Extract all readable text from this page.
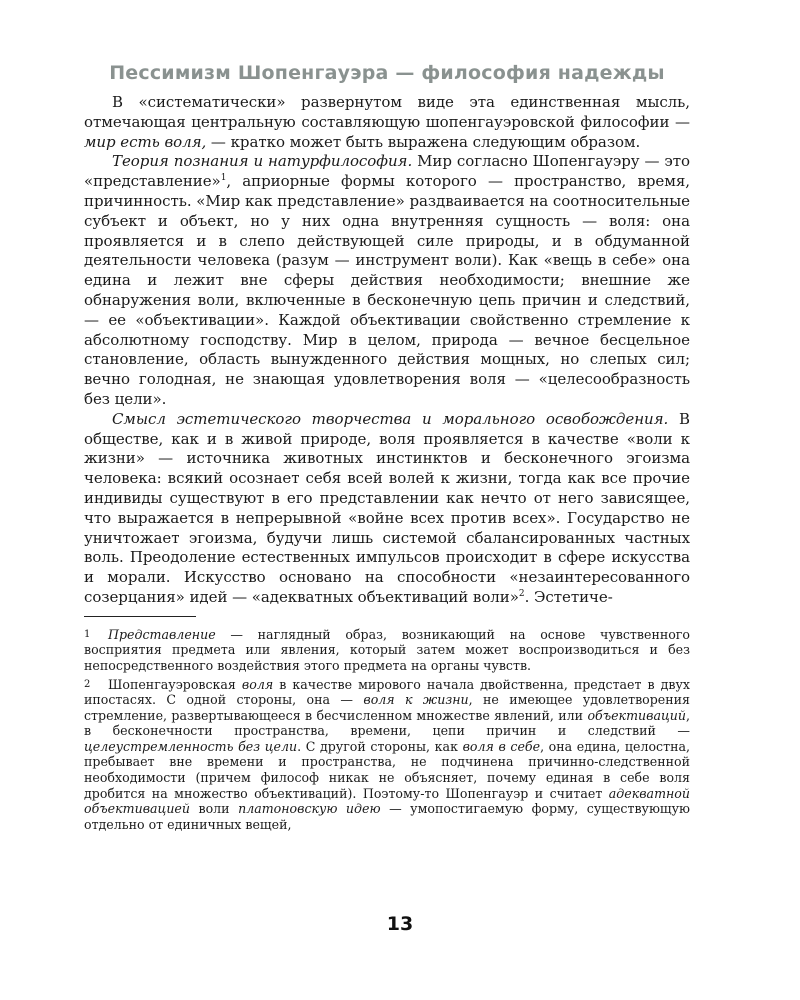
Пессимизм Шопенгауэра — философия надежды

В «систематически» развернутом виде эта единственная мысль, отмечающая центральную составляющую шопенгауэровской философии — мир есть воля, — кратко может быть выражена следующим образом.

Теория познания и натурфилософия. Мир согласно Шопенгауэру — это «представление»$^1$, априорные формы которого — пространство, время, причинность. «Мир как представление» раздваивается на соотносительные субъект и объект, но у них одна внутренняя сущность — воля: она проявляется и в слепо действующей силе природы, и в обдуманной деятельности человека (разум — инструмент воли). Как «вещь в себе» она едина и лежит вне сферы действия необходимости; внешние же обнаружения воли, включенные в бесконечную цепь причин и следствий, — ее «объективации». Каждой объективации свойственно стремление к абсолютному господству. Мир в целом, природа — вечное бесцельное становление, область вынужденного действия мощных, но слепых сил; вечно голодная, не знающая удовлетворения воля — «целесообразность без цели».

Смысл эстетического творчества и морального освобождения. В обществе, как и в живой природе, воля проявляется в качестве «воли к жизни» — источника животных инстинктов и бесконечного эгоизма человека: всякий осознает себя всей волей к жизни, тогда как все прочие индивиды существуют в его представлении как нечто от него зависящее, что выражается в непрерывной «войне всех против всех». Государство не уничтожает эгоизма, будучи лишь системой сбалансированных частных воль. Преодоление естественных импульсов происходит в сфере искусства и морали. Искусство основано на способности «незаинтересованного созерцания» идей — «адекватных объективаций воли»$^2$. Эстетиче-

1 Представление — наглядный образ, возникающий на основе чувственного восприятия предмета или явления, который затем может воспроизводиться и без непосредственного воздействия этого предмета на органы чувств.
2 Шопенгауэровская воля в качестве мирового начала двойственна, предстает в двух ипостасях. С одной стороны, она — воля к жизни, не имеющее удовлетворения стремление, развертывающееся в бесчисленном множестве явлений, или объективаций, в бесконечности пространства, времени, цепи причин и следствий — целеустремленность без цели. С другой стороны, как воля в себе, она едина, целостна, пребывает вне времени и пространства, не подчинена причинно-следственной необходимости (причем философ никак не объясняет, почему единая в себе воля дробится на множество объективаций). Поэтому-то Шопенгауэр и считает адекватной объективацией воли платоновскую идею — умопостигаемую форму, существующую отдельно от единичных вещей,
13
